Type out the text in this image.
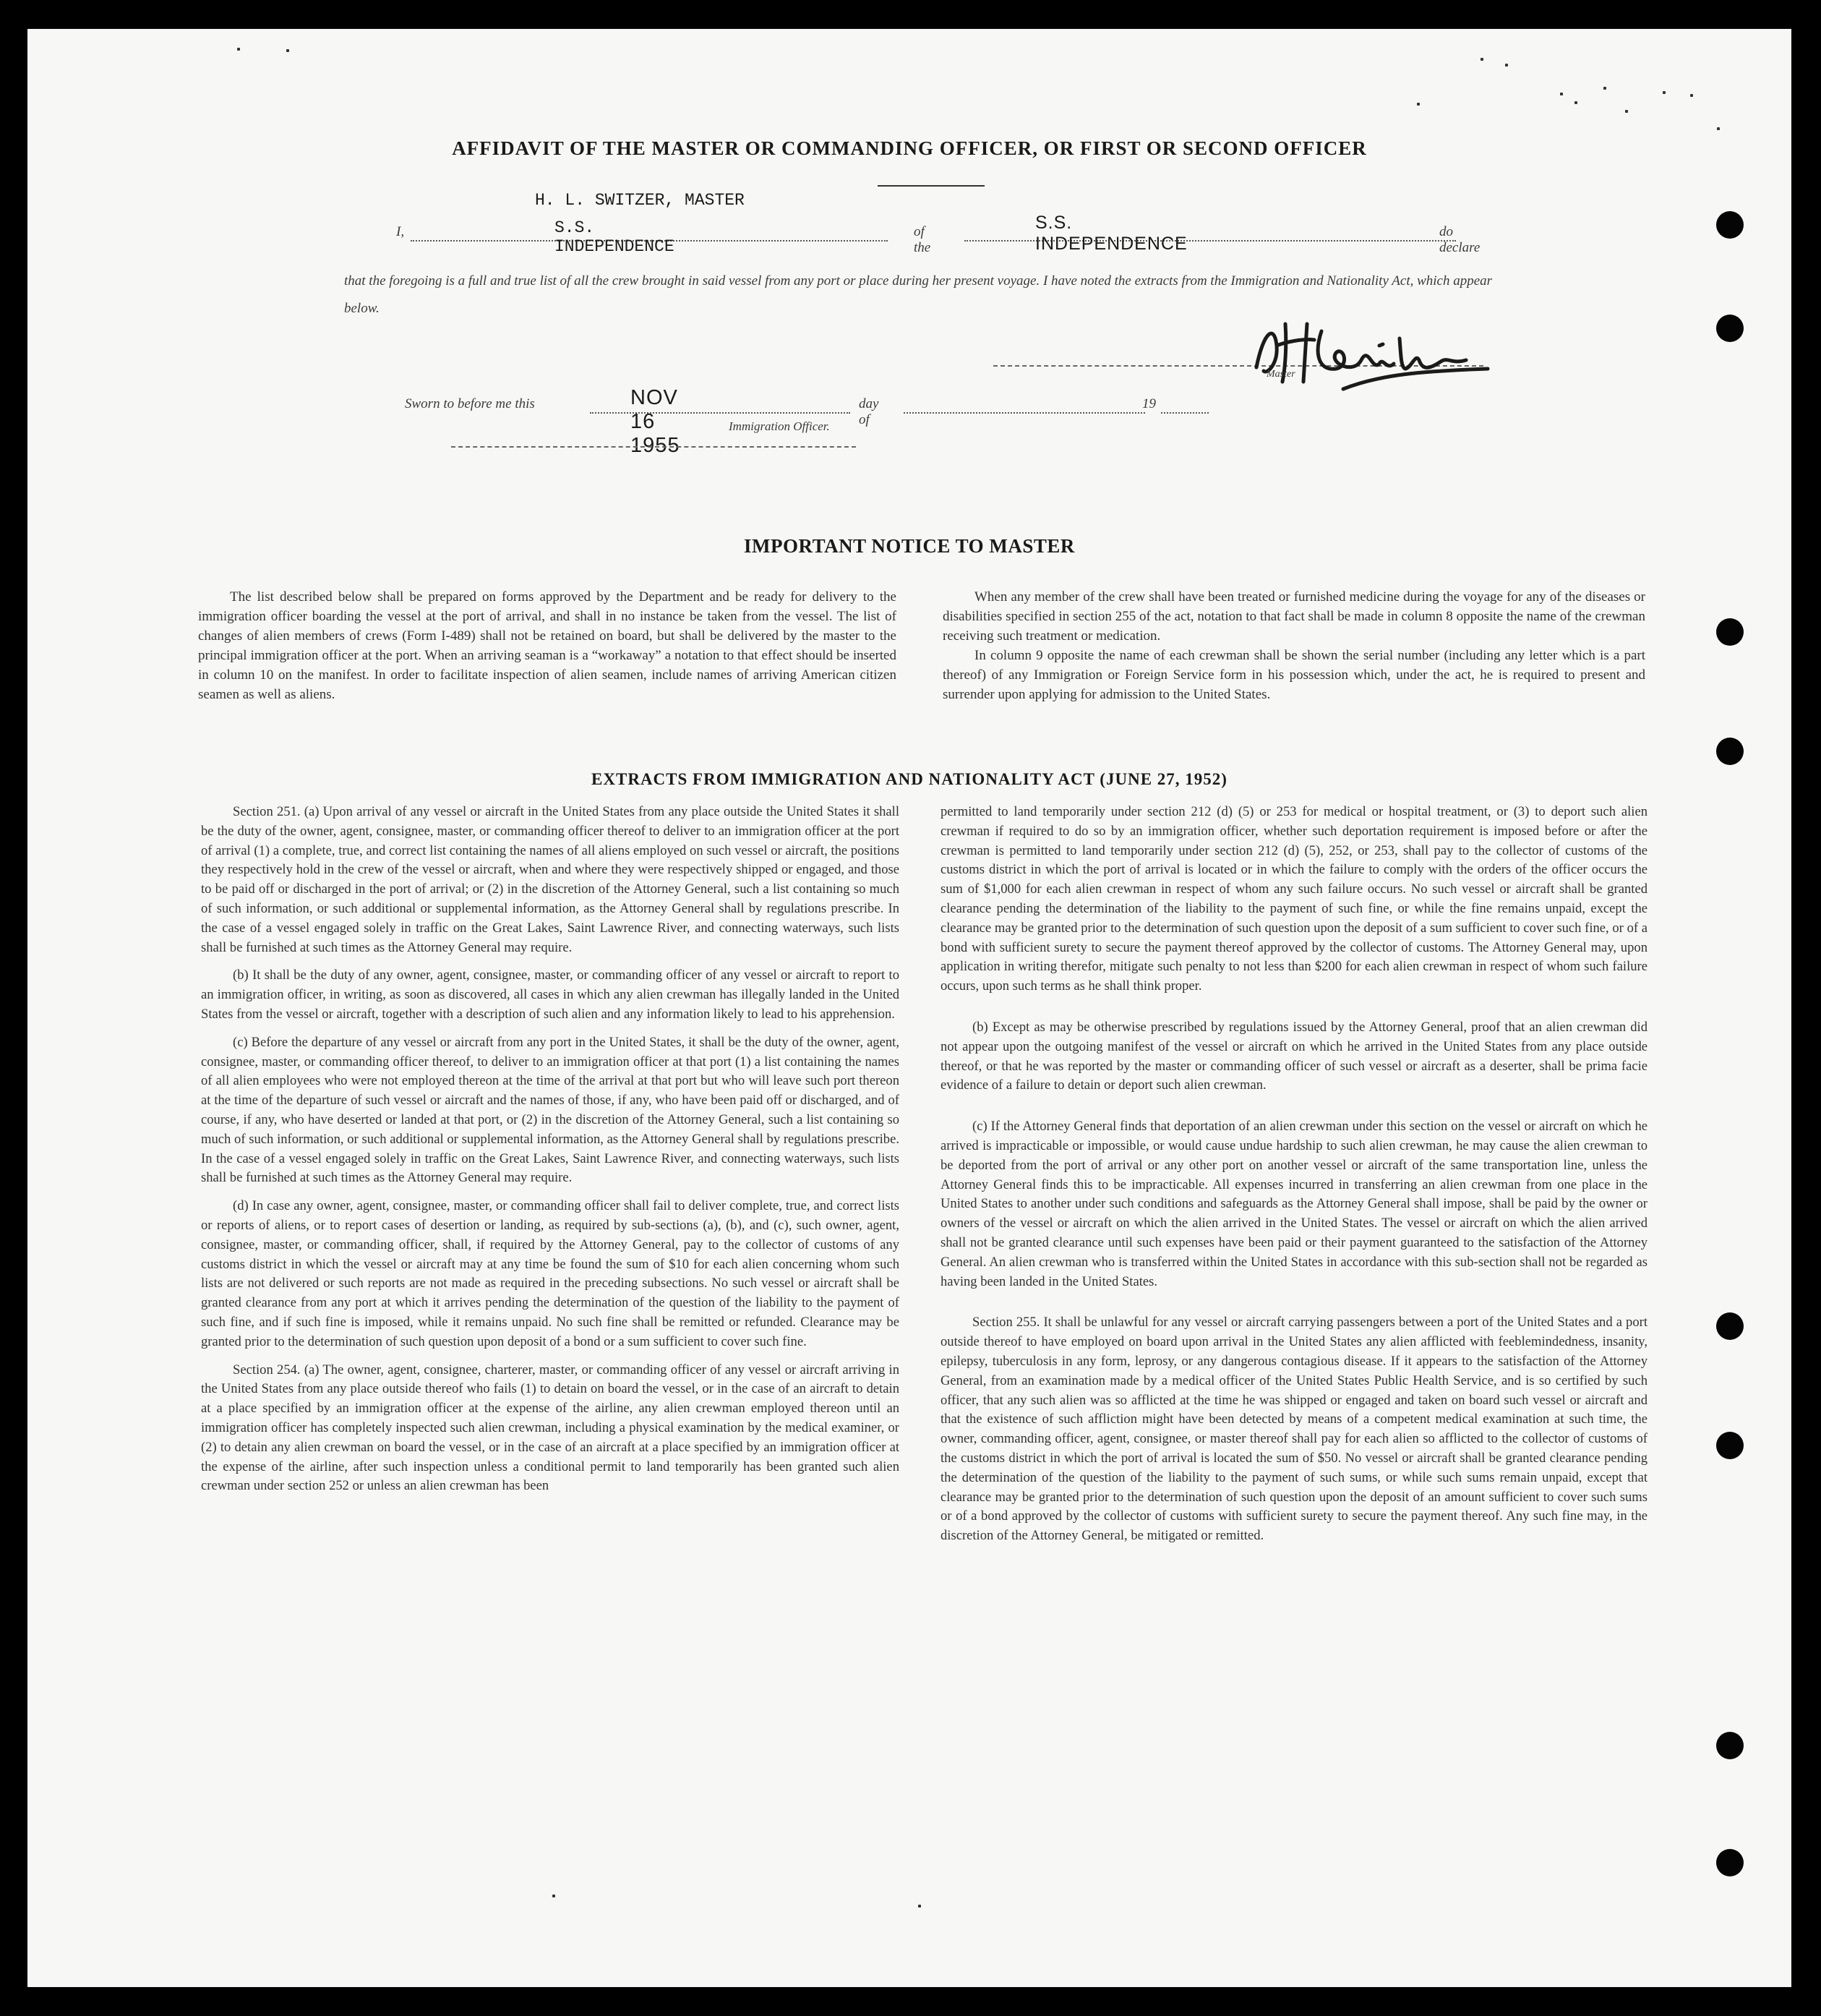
AFFIDAVIT OF THE MASTER OR COMMANDING OFFICER, OR FIRST OR SECOND OFFICER
H. L. SWITZER, MASTER
I,	S.S. INDEPENDENCE
of the
S.S. INDEPENDENCE
do declare
that the foregoing is a full and true list of all the crew brought in said vessel from any port or place during her present voyage. I have noted the extracts from the Immigration and Nationality Act, which appear below.
Master
Sworn to before me this	NOV 16 1955
day of
19
Immigration Officer.
IMPORTANT NOTICE TO MASTER

The list described below shall be prepared on forms approved by the Department and be ready for delivery to the immigration officer boarding the vessel at the port of arrival, and shall in no instance be taken from the vessel. The list of changes of alien members of crews (Form I-489) shall not be retained on board, but shall be delivered by the master to the principal immigration officer at the port. When an arriving seaman is a “workaway” a notation to that effect should be inserted in column 10 on the manifest. In order to facilitate inspection of alien seamen, include names of arriving American citizen seamen as well as aliens.

When any member of the crew shall have been treated or furnished medicine during the voyage for any of the diseases or disabilities specified in section 255 of the act, notation to that fact shall be made in column 8 opposite the name of the crewman receiving such treatment or medication.

In column 9 opposite the name of each crewman shall be shown the serial number (including any letter which is a part thereof) of any Immigration or Foreign Service form in his possession which, under the act, he is required to present and surrender upon applying for admission to the United States.

EXTRACTS FROM IMMIGRATION AND NATIONALITY ACT (JUNE 27, 1952)

Section 251. (a) Upon arrival of any vessel or aircraft in the United States from any place outside the United States it shall be the duty of the owner, agent, consignee, master, or commanding officer thereof to deliver to an immigration officer at the port of arrival (1) a complete, true, and correct list containing the names of all aliens employed on such vessel or aircraft, the positions they respectively hold in the crew of the vessel or aircraft, when and where they were respectively shipped or engaged, and those to be paid off or discharged in the port of arrival; or (2) in the discretion of the Attorney General, such a list containing so much of such information, or such additional or supplemental information, as the Attorney General shall by regulations prescribe. In the case of a vessel engaged solely in traffic on the Great Lakes, Saint Lawrence River, and connecting waterways, such lists shall be furnished at such times as the Attorney General may require.

(b) It shall be the duty of any owner, agent, consignee, master, or commanding officer of any vessel or aircraft to report to an immigration officer, in writing, as soon as discovered, all cases in which any alien crewman has illegally landed in the United States from the vessel or aircraft, together with a description of such alien and any information likely to lead to his apprehension.

(c) Before the departure of any vessel or aircraft from any port in the United States, it shall be the duty of the owner, agent, consignee, master, or commanding officer thereof, to deliver to an immigration officer at that port (1) a list containing the names of all alien employees who were not employed thereon at the time of the arrival at that port but who will leave such port thereon at the time of the departure of such vessel or aircraft and the names of those, if any, who have been paid off or discharged, and of course, if any, who have deserted or landed at that port, or (2) in the discretion of the Attorney General, such a list containing so much of such information, or such additional or supplemental information, as the Attorney General shall by regulations prescribe. In the case of a vessel engaged solely in traffic on the Great Lakes, Saint Lawrence River, and connecting waterways, such lists shall be furnished at such times as the Attorney General may require.

(d) In case any owner, agent, consignee, master, or commanding officer shall fail to deliver complete, true, and correct lists or reports of aliens, or to report cases of desertion or landing, as required by sub-sections (a), (b), and (c), such owner, agent, consignee, master, or commanding officer, shall, if required by the Attorney General, pay to the collector of customs of any customs district in which the vessel or aircraft may at any time be found the sum of $10 for each alien concerning whom such lists are not delivered or such reports are not made as required in the preceding subsections. No such vessel or aircraft shall be granted clearance from any port at which it arrives pending the determination of the question of the liability to the payment of such fine, and if such fine is imposed, while it remains unpaid. No such fine shall be remitted or refunded. Clearance may be granted prior to the determination of such question upon deposit of a bond or a sum sufficient to cover such fine.

Section 254. (a) The owner, agent, consignee, charterer, master, or commanding officer of any vessel or aircraft arriving in the United States from any place outside thereof who fails (1) to detain on board the vessel, or in the case of an aircraft to detain at a place specified by an immigration officer at the expense of the airline, any alien crewman employed thereon until an immigration officer has completely inspected such alien crewman, including a physical examination by the medical examiner, or (2) to detain any alien crewman on board the vessel, or in the case of an aircraft at a place specified by an immigration officer at the expense of the airline, after such inspection unless a conditional permit to land temporarily has been granted such alien crewman under section 252 or unless an alien crewman has been

permitted to land temporarily under section 212 (d) (5) or 253 for medical or hospital treatment, or (3) to deport such alien crewman if required to do so by an immigration officer, whether such deportation requirement is imposed before or after the crewman is permitted to land temporarily under section 212 (d) (5), 252, or 253, shall pay to the collector of customs of the customs district in which the port of arrival is located or in which the failure to comply with the orders of the officer occurs the sum of $1,000 for each alien crewman in respect of whom any such failure occurs. No such vessel or aircraft shall be granted clearance pending the determination of the liability to the payment of such fine, or while the fine remains unpaid, except the clearance may be granted prior to the determination of such question upon the deposit of a sum sufficient to cover such fine, or of a bond with sufficient surety to secure the payment thereof approved by the collector of customs. The Attorney General may, upon application in writing therefor, mitigate such penalty to not less than $200 for each alien crewman in respect of whom such failure occurs, upon such terms as he shall think proper.

(b) Except as may be otherwise prescribed by regulations issued by the Attorney General, proof that an alien crewman did not appear upon the outgoing manifest of the vessel or aircraft on which he arrived in the United States from any place outside thereof, or that he was reported by the master or commanding officer of such vessel or aircraft as a deserter, shall be prima facie evidence of a failure to detain or deport such alien crewman.

(c) If the Attorney General finds that deportation of an alien crewman under this section on the vessel or aircraft on which he arrived is impracticable or impossible, or would cause undue hardship to such alien crewman, he may cause the alien crewman to be deported from the port of arrival or any other port on another vessel or aircraft of the same transportation line, unless the Attorney General finds this to be impracticable. All expenses incurred in transferring an alien crewman from one place in the United States to another under such conditions and safeguards as the Attorney General shall impose, shall be paid by the owner or owners of the vessel or aircraft on which the alien arrived in the United States. The vessel or aircraft on which the alien arrived shall not be granted clearance until such expenses have been paid or their payment guaranteed to the satisfaction of the Attorney General. An alien crewman who is transferred within the United States in accordance with this sub-section shall not be regarded as having been landed in the United States.

Section 255. It shall be unlawful for any vessel or aircraft carrying passengers between a port of the United States and a port outside thereof to have employed on board upon arrival in the United States any alien afflicted with feeblemindedness, insanity, epilepsy, tuberculosis in any form, leprosy, or any dangerous contagious disease. If it appears to the satisfaction of the Attorney General, from an examination made by a medical officer of the United States Public Health Service, and is so certified by such officer, that any such alien was so afflicted at the time he was shipped or engaged and taken on board such vessel or aircraft and that the existence of such affliction might have been detected by means of a competent medical examination at such time, the owner, commanding officer, agent, consignee, or master thereof shall pay for each alien so afflicted to the collector of customs of the customs district in which the port of arrival is located the sum of $50. No vessel or aircraft shall be granted clearance pending the determination of the question of the liability to the payment of such sums, or while such sums remain unpaid, except that clearance may be granted prior to the determination of such question upon the deposit of an amount sufficient to cover such sums or of a bond approved by the collector of customs with sufficient surety to secure the payment thereof. Any such fine may, in the discretion of the Attorney General, be mitigated or remitted.
